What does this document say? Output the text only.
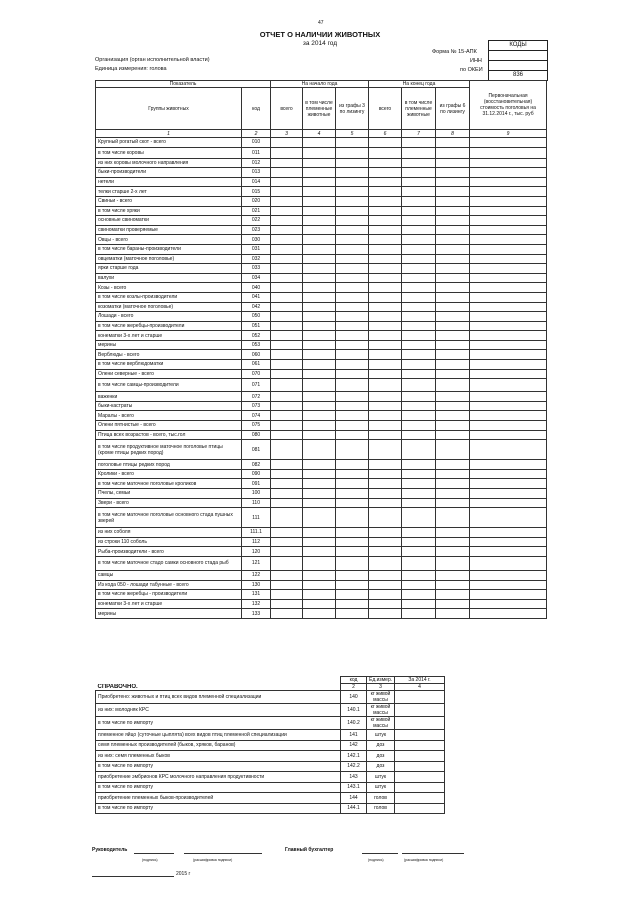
47
ОТЧЕТ О НАЛИЧИИ ЖИВОТНЫХ
за 2014 год
Форма № 15-АПК
КОДЫ
836
Организация (орган исполнительной власти)	ИНН
Единица измерения: голова	по ОКЕИ
Показатель		На начало года			На конец года			Первоначальная (восстановительная) стоимость поголовья на 31.12.2014 г., тыс. руб
Группы животных	код	всего	в том числе племенные животные	из графы 3 по лизингу	всего	в том числе племенные животные	из графы 6 по лизингу	
1	2	3	4	5	6	7	8	9
Крупный рогатый скот - всего	010							
в том числе коровы	011							
из них коровы молочного направления	012							
быки-производители	013							
нетели	014							
телки старше 2-х лет	015							
Свиньи - всего	020							
в том числе хряки	021							
основные свиноматки	022							
свиноматки проверяемые	023							
Овцы - всего	030							
в том числе бараны-производители	031							
овцематки (маточное поголовье)	032							
ярки старше года	033							
валухи	034							
Козы - всего	040							
в том числе козлы-производители	041							
козоматки (маточное поголовье)	042							
Лошади - всего	050							
в том числе жеребцы-производители	051							
конематки 3-х лет и старше	052							
мерины	053							
Верблюды - всего	060							
в том числе верблюдоматки	061							
Олени северные - всего	070							
в том числе самцы-производители	071							
важенки	072							
быки-кастраты	073							
Маралы - всего	074							
Олени пятнистые - всего	075							
Птица всех возрастов - всего, тыс.гол	080							
в том числе продуктивное маточное поголовье птицы (кроме птицы редких пород)	081							
поголовье птицы редких пород	082							
Кролики - всего	090							
в том числе маточное поголовье кроликов	091							
Пчелы, семьи	100							
Звери - всего	110							
в том числе маточное поголовье основного стада пушных зверей	111							
из них соболя	111.1							
из строки 110 соболь	112							
Рыба-производители - всего	120							
в том числе маточное стадо самки основного стада рыб	121							
самцы	122							
Из кода 050 - лошади табунные - всего	130							
в том числе жеребцы - производители	131							
конематки 3-х лет и старше	132							
мерины	133							
	код	Ед.измер.	За 2014 г.	
СПРАВОЧНО.	2	3	4	
Приобретено: животных и птиц всех видов племенной специализации	140	кг живой массы		
из них: молодняк КРС	140.1	кг живой массы		
в том числе по импорту	140.2	кг живой массы		
племенное яйцо (суточные цыплята) всех видов птиц племенной специализации	141	штук		
семя племенных производителей (быков, хряков, баранов)	142	доз		
из них: семя племенных быков	142.1	доз		
в том числе по импорту	142.2	доз		
приобретение эмбрионов КРС молочного направления продуктивности	143	штук		
в том числе по импорту	143.1	штук		
приобретение племенных быков-производителей	144	голов		
в том числе по импорту	144.1	голов		
Руководитель
(подпись)	(расшифровка подписи)
Главный бухгалтер
(подпись)	(расшифровка подписи)
2015 г
